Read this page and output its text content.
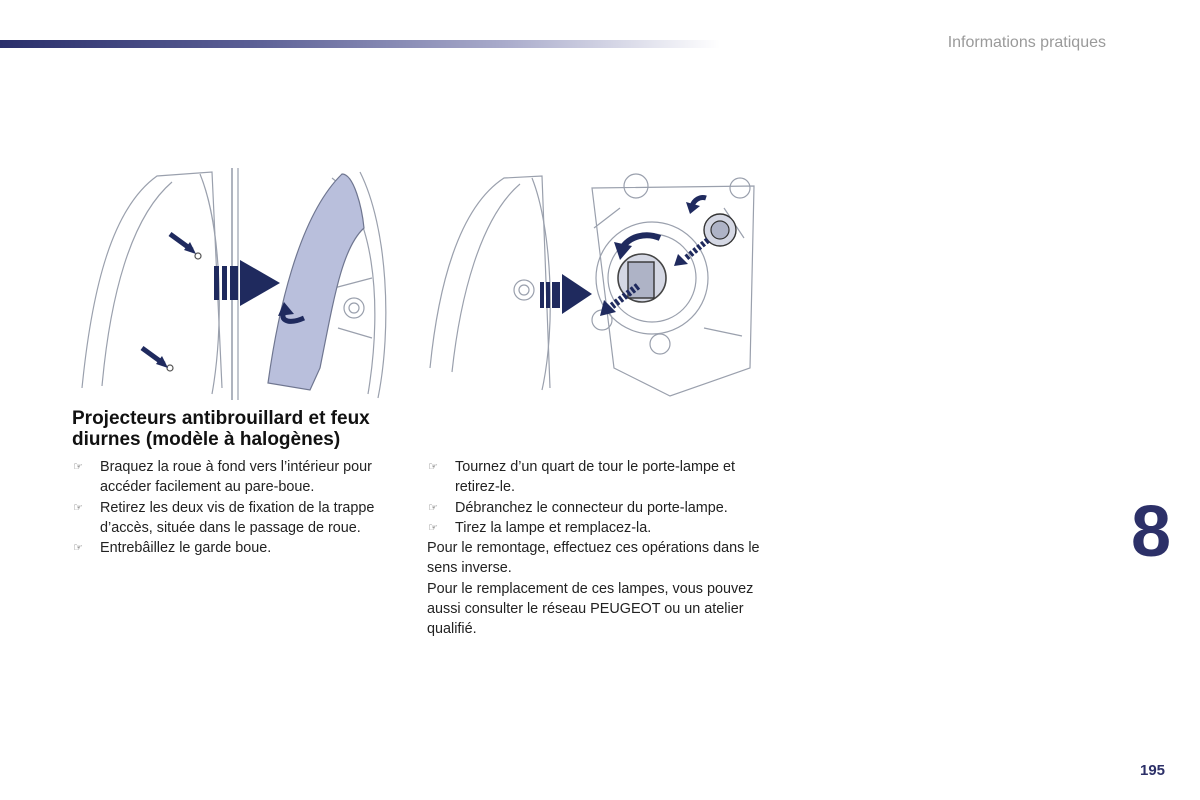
Informations pratiques
Projecteurs antibrouillard et feux diurnes (modèle à halogènes)
☞ Braquez la roue à fond vers l’intérieur pour accéder facilement au pare-boue.
☞ Retirez les deux vis de fixation de la trappe d’accès, située dans le passage de roue.
☞ Entrebâillez le garde boue.
☞ Tournez d’un quart de tour le porte-lampe et retirez-le.
☞ Débranchez le connecteur du porte-lampe.
☞ Tirez la lampe et remplacez-la.

Pour le remontage, effectuez ces opérations dans le sens inverse.

Pour le remplacement de ces lampes, vous pouvez aussi consulter le réseau PEUGEOT ou un atelier qualifié.

8
195
